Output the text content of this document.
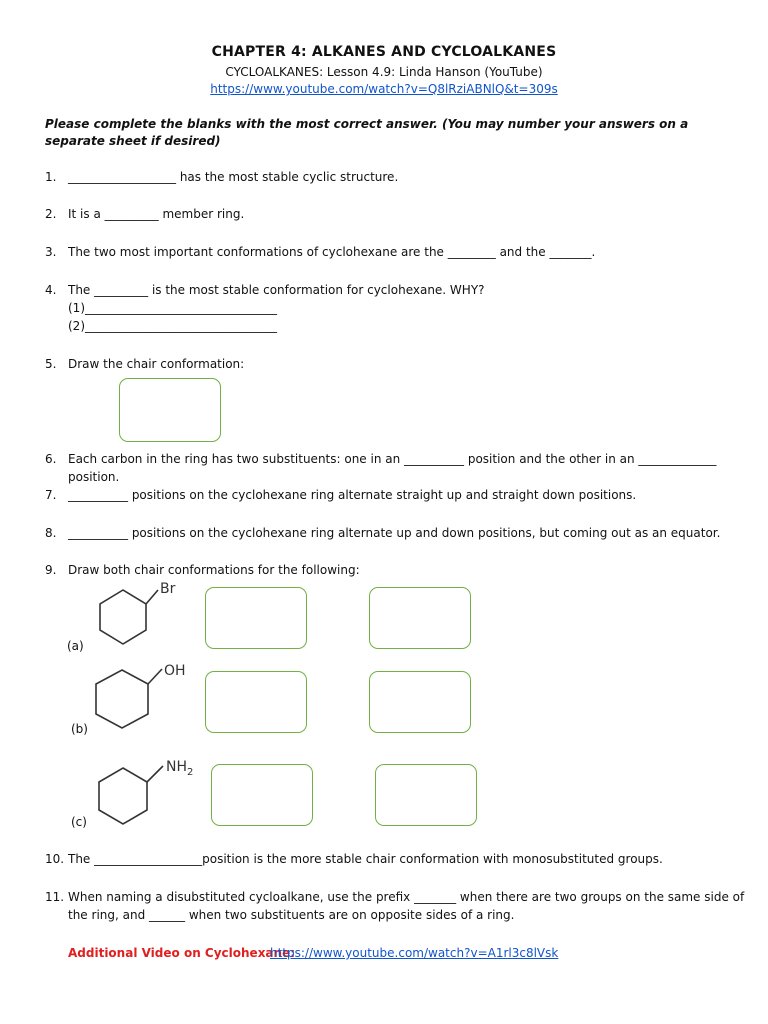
CHAPTER 4: ALKANES AND CYCLOALKANES
CYCLOALKANES: Lesson 4.9: Linda Hanson (YouTube)
https://www.youtube.com/watch?v=Q8lRziABNlQ&t=309s
Please complete the blanks with the most correct answer. (You may number your answers on a separate sheet if desired)
1. __________________ has the most stable cyclic structure.
2. It is a _________ member ring.
3. The two most important conformations of cyclohexane are the ________ and the _______.
4. The _________ is the most stable conformation for cyclohexane. WHY?
(1)________________________________
(2)________________________________
5. Draw the chair conformation:
6. Each carbon in the ring has two substituents: one in an __________ position and the other in an _____________
position.
7. __________ positions on the cyclohexane ring alternate straight up and straight down positions.
8. __________ positions on the cyclohexane ring alternate up and down positions, but coming out as an equator.
9. Draw both chair conformations for the following:
Br
(a)
OH
(b)
$NH_2$
(c)
10. The __________________position is the more stable chair conformation with monosubstituted groups.
11. When naming a disubstituted cycloalkane, use the prefix _______ when there are two groups on the same side of
the ring, and ______ when two substituents are on opposite sides of a ring.
Additional Video on Cyclohexane:
https://www.youtube.com/watch?v=A1rl3c8lVsk
